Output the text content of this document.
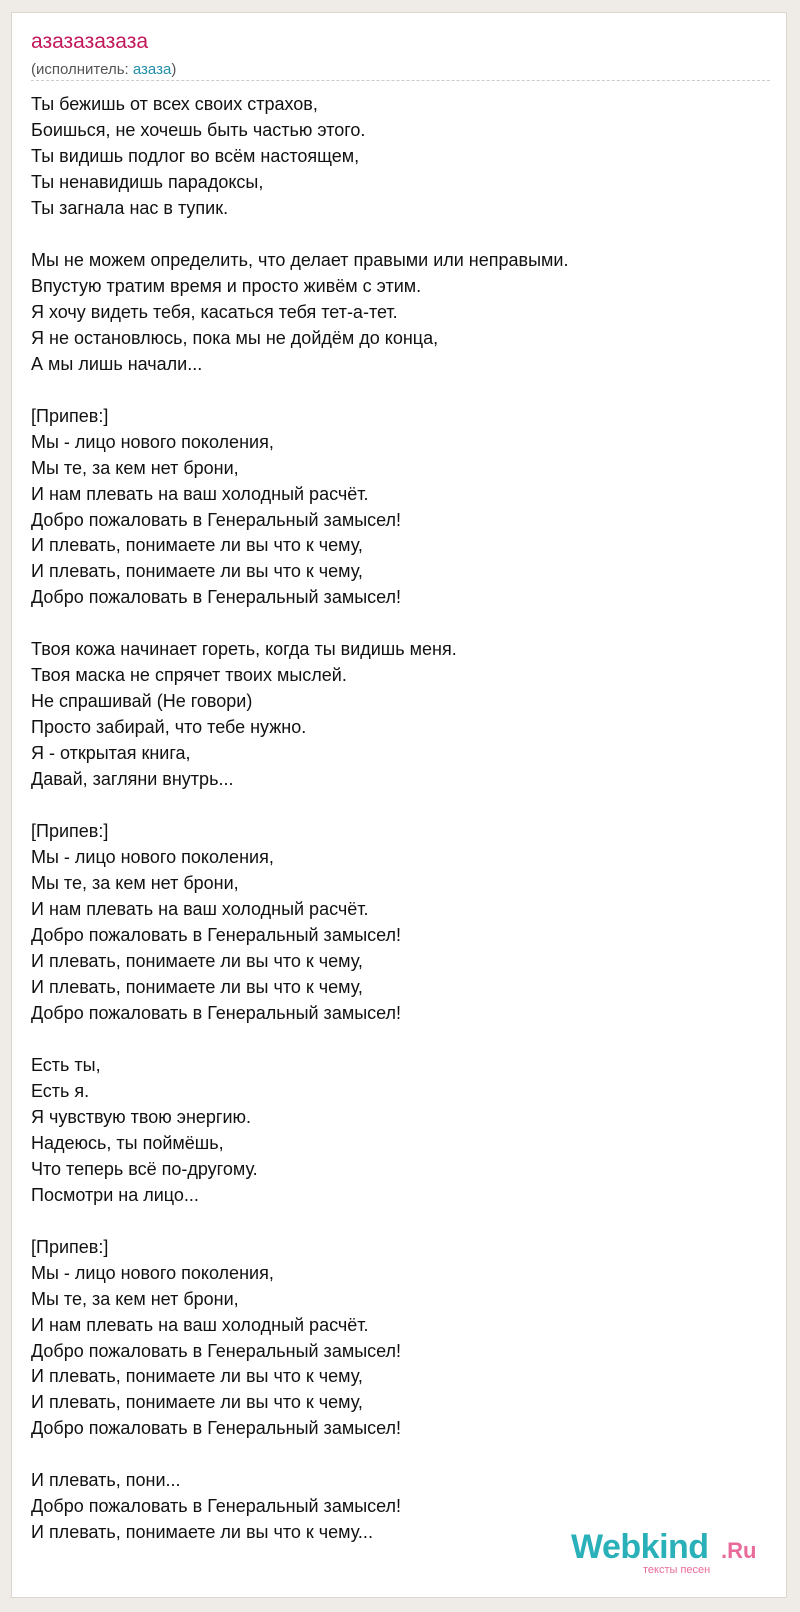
азазазазаза
(исполнитель: азаза)
Ты бежишь от всех своих страхов,
Боишься, не хочешь быть частью этого.
Ты видишь подлог во всём настоящем,
Ты ненавидишь парадоксы,
Ты загнала нас в тупик.
Мы не можем определить, что делает правыми или неправыми.
Впустую тратим время и просто живём с этим.
Я хочу видеть тебя, касаться тебя тет-а-тет.
Я не остановлюсь, пока мы не дойдём до конца,
А мы лишь начали...
[Припев:]
Мы - лицо нового поколения,
Мы те, за кем нет брони,
И нам плевать на ваш холодный расчёт.
Добро пожаловать в Генеральный замысел!
И плевать, понимаете ли вы что к чему,
И плевать, понимаете ли вы что к чему,
Добро пожаловать в Генеральный замысел!
Твоя кожа начинает гореть, когда ты видишь меня.
Твоя маска не спрячет твоих мыслей.
Не спрашивай (Не говори)
Просто забирай, что тебе нужно.
Я - открытая книга,
Давай, загляни внутрь...
[Припев:]
Мы - лицо нового поколения,
Мы те, за кем нет брони,
И нам плевать на ваш холодный расчёт.
Добро пожаловать в Генеральный замысел!
И плевать, понимаете ли вы что к чему,
И плевать, понимаете ли вы что к чему,
Добро пожаловать в Генеральный замысел!
Есть ты,
Есть я.
Я чувствую твою энергию.
Надеюсь, ты поймёшь,
Что теперь всё по-другому.
Посмотри на лицо...
[Припев:]
Мы - лицо нового поколения,
Мы те, за кем нет брони,
И нам плевать на ваш холодный расчёт.
Добро пожаловать в Генеральный замысел!
И плевать, понимаете ли вы что к чему,
И плевать, понимаете ли вы что к чему,
Добро пожаловать в Генеральный замысел!
И плевать, пони...
Добро пожаловать в Генеральный замысел!
И плевать, понимаете ли вы что к чему...	Webkind .Ru
тексты песен
